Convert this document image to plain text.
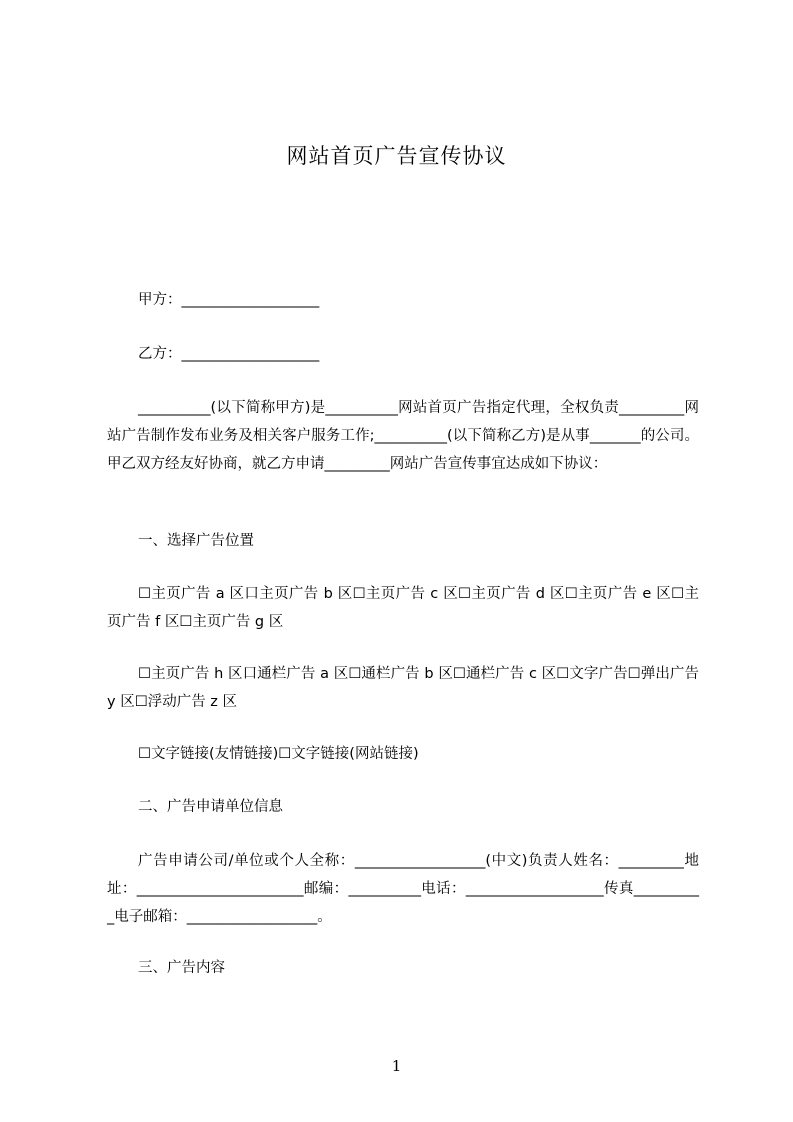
网站首页广告宣传协议
甲方：___________________
乙方：___________________
__________(以下简称甲方)是__________网站首页广告指定代理，全权负责_________网站广告制作发布业务及相关客户服务工作;__________(以下简称乙方)是从事_______的公司。甲乙双方经友好协商，就乙方申请_________网站广告宣传事宜达成如下协议：
一、选择广告位置
☐主页广告 a 区口主页广告 b 区☐主页广告 c 区☐主页广告 d 区☐主页广告 e 区☐主页广告 f 区☐主页广告 g 区
☐主页广告 h 区口通栏广告 a 区☐通栏广告 b 区☐通栏广告 c 区☐文字广告☐弹出广告 y 区☐浮动广告 z 区
☐文字链接(友情链接)☐文字链接(网站链接)
二、广告申请单位信息
广告申请公司/单位或个人全称：__________________(中文)负责人姓名：_________地址：_______________________邮编：__________电话：___________________传真__________电子邮箱：__________________。
三、广告内容
1
